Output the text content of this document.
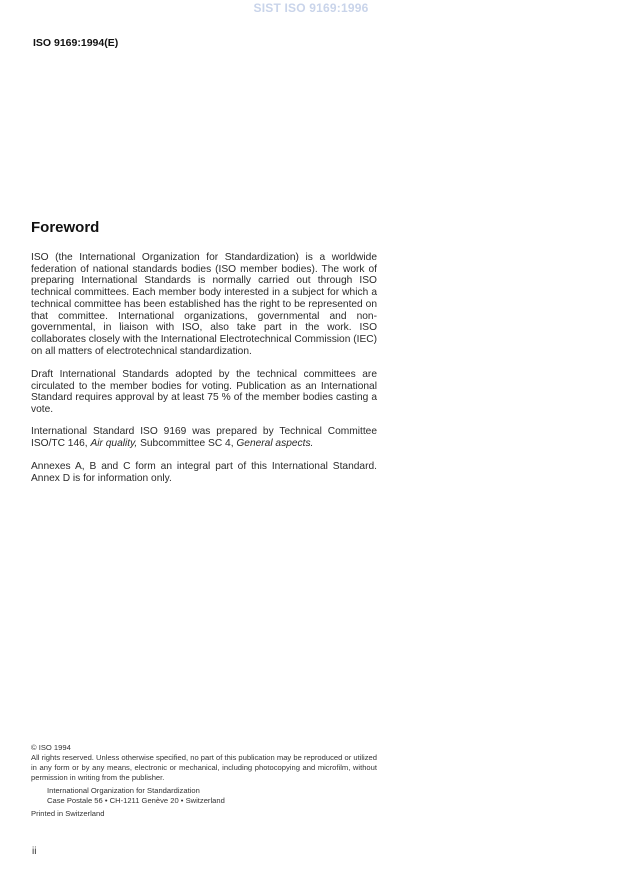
SIST ISO 9169:1996
ISO 9169:1994(E)
Foreword
ISO (the International Organization for Standardization) is a worldwide federation of national standards bodies (ISO member bodies). The work of preparing International Standards is normally carried out through ISO technical committees. Each member body interested in a subject for which a technical committee has been established has the right to be represented on that committee. International organizations, governmental and non-governmental, in liaison with ISO, also take part in the work. ISO collaborates closely with the International Electrotechnical Commission (IEC) on all matters of electrotechnical standardization.
Draft International Standards adopted by the technical committees are circulated to the member bodies for voting. Publication as an International Standard requires approval by at least 75 % of the member bodies casting a vote.
International Standard ISO 9169 was prepared by Technical Committee ISO/TC 146, Air quality, Subcommittee SC 4, General aspects.
Annexes A, B and C form an integral part of this International Standard. Annex D is for information only.
© ISO 1994
All rights reserved. Unless otherwise specified, no part of this publication may be reproduced or utilized in any form or by any means, electronic or mechanical, including photocopying and microfilm, without permission in writing from the publisher.
International Organization for Standardization
Case Postale 56 • CH-1211 Genève 20 • Switzerland
Printed in Switzerland
ii
